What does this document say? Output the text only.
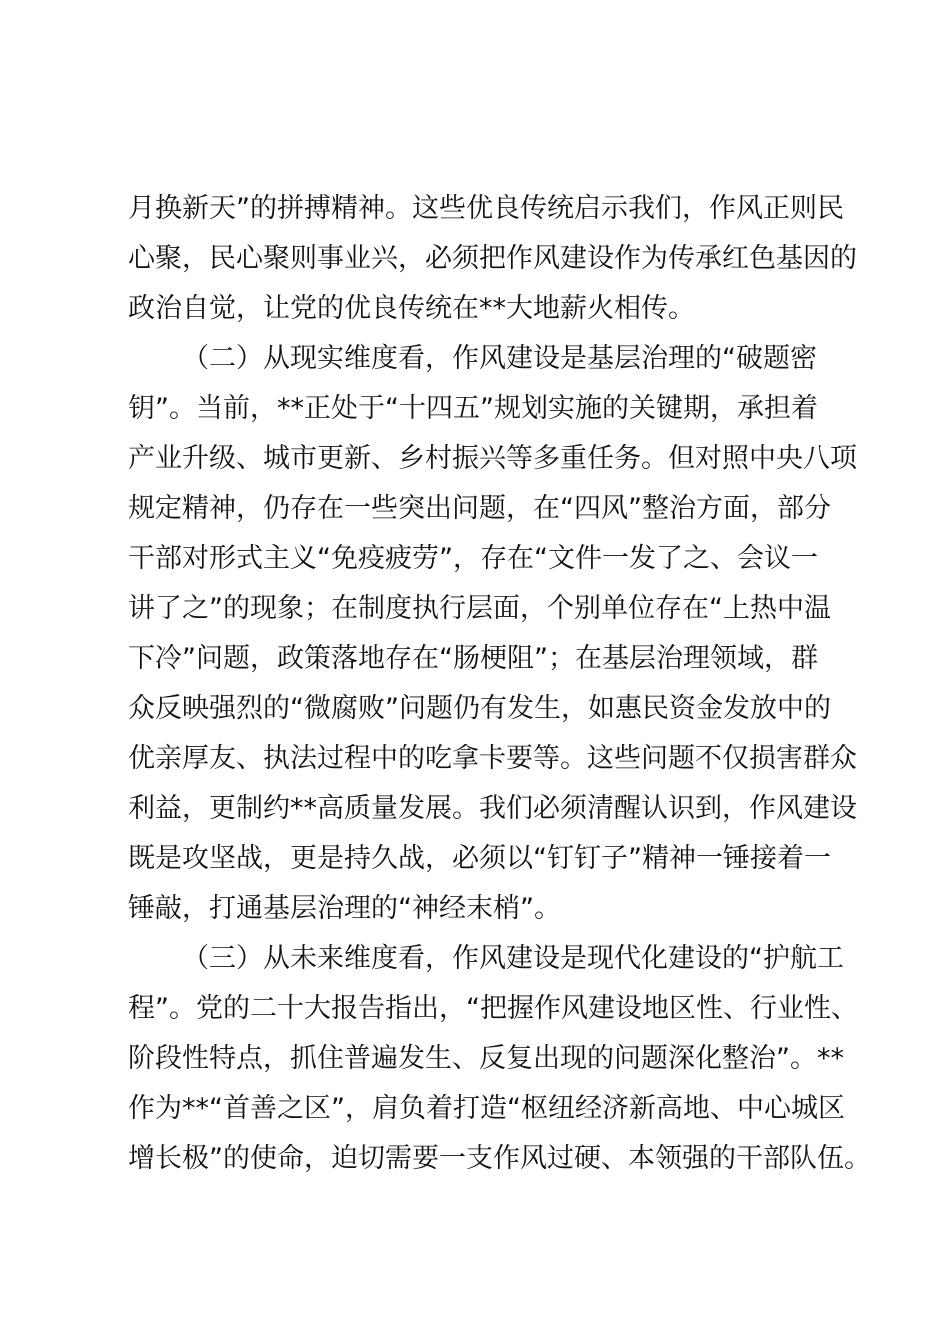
月换新天”的拼搏精神。这些优良传统启示我们，作风正则民
心聚，民心聚则事业兴，必须把作风建设作为传承红色基因的
政治自觉，让党的优良传统在**大地薪火相传。
（二）从现实维度看，作风建设是基层治理的“破题密
钥”。当前，**正处于“十四五”规划实施的关键期，承担着
产业升级、城市更新、乡村振兴等多重任务。但对照中央八项
规定精神，仍存在一些突出问题，在“四风”整治方面，部分
干部对形式主义“免疫疲劳”，存在“文件一发了之、会议一
讲了之”的现象；在制度执行层面，个别单位存在“上热中温
下冷”问题，政策落地存在“肠梗阻”；在基层治理领域，群
众反映强烈的“微腐败”问题仍有发生，如惠民资金发放中的
优亲厚友、执法过程中的吃拿卡要等。这些问题不仅损害群众
利益，更制约**高质量发展。我们必须清醒认识到，作风建设
既是攻坚战，更是持久战，必须以“钉钉子”精神一锤接着一
锤敲，打通基层治理的“神经末梢”。
（三）从未来维度看，作风建设是现代化建设的“护航工
程”。党的二十大报告指出，“把握作风建设地区性、行业性、
阶段性特点，抓住普遍发生、反复出现的问题深化整治”。**
作为**“首善之区”，肩负着打造“枢纽经济新高地、中心城区
增长极”的使命，迫切需要一支作风过硬、本领强的干部队伍。
